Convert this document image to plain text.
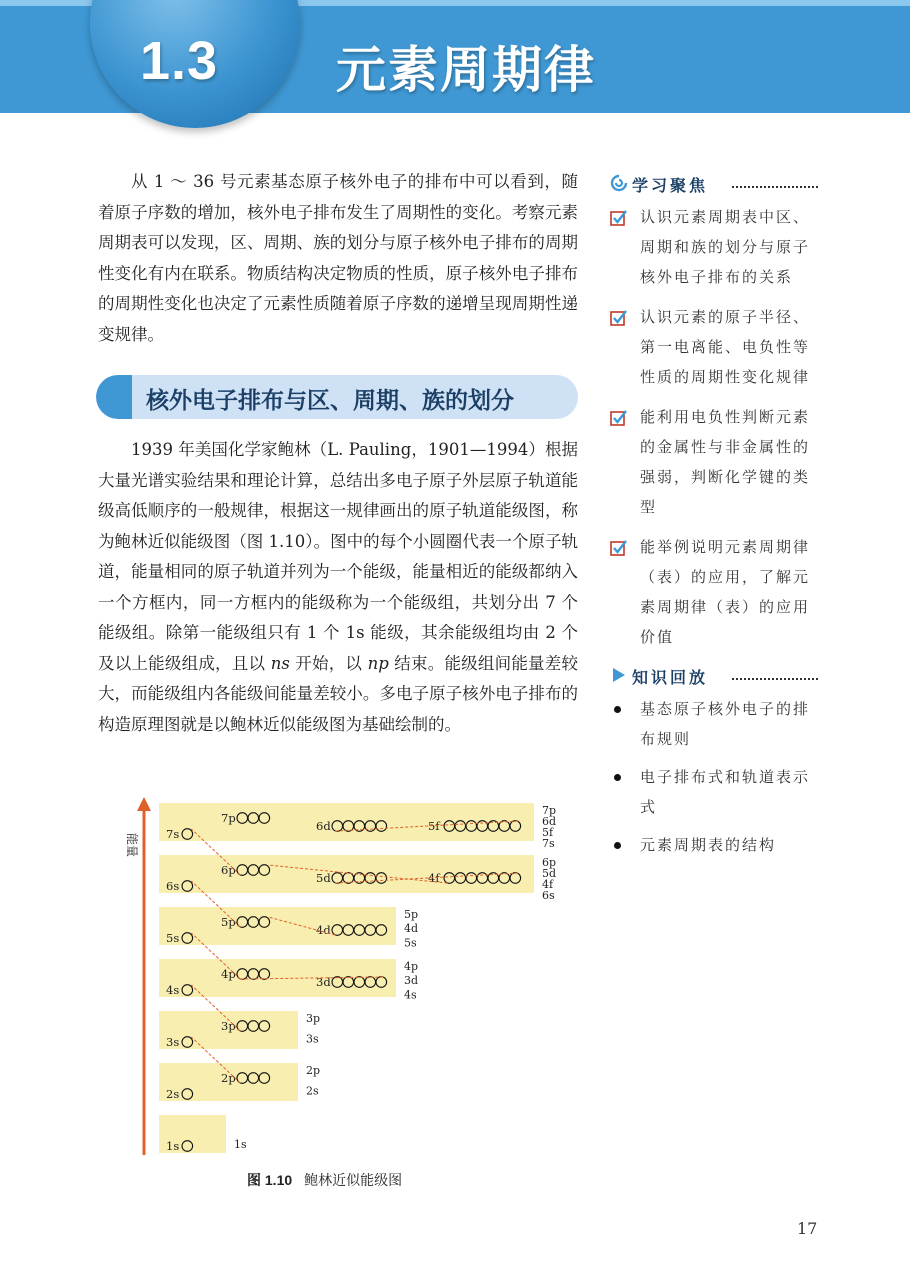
1.3 元素周期律

从 1 ～ 36 号元素基态原子核外电子的排布中可以看到，随着原子序数的增加，核外电子排布发生了周期性的变化。考察元素周期表可以发现，区、周期、族的划分与原子核外电子排布的周期性变化有内在联系。物质结构决定物质的性质，原子核外电子排布的周期性变化也决定了元素性质随着原子序数的递增呈现周期性递变规律。

核外电子排布与区、周期、族的划分

1939 年美国化学家鲍林（L. Pauling，1901—1994）根据大量光谱实验结果和理论计算，总结出多电子原子外层原子轨道能级高低顺序的一般规律，根据这一规律画出的原子轨道能级图，称为鲍林近似能级图（图 1.10）。图中的每个小圆圈代表一个原子轨道，能量相同的原子轨道并列为一个能级，能量相近的能级都纳入一个方框内，同一方框内的能级称为一个能级组，共划分出 7 个能级组。除第一能级组只有 1 个 1s 能级，其余能级组均由 2 个及以上能级组成，且以 ns 开始，以 np 结束。能级组间能量差较大，而能级组内各能级间能量差较小。多电子原子核外电子排布的构造原理图就是以鲍林近似能级图为基础绘制的。

学习聚焦
认识元素周期表中区、周期和族的划分与原子核外电子排布的关系
认识元素的原子半径、第一电离能、电负性等性质的周期性变化规律
能利用电负性判断元素的金属性与非金属性的强弱，判断化学键的类型
能举例说明元素周期律（表）的应用，了解元素周期律（表）的应用价值
知识回放
基态原子核外电子的排布规则
电子排布式和轨道表示式
元素周期表的结构
能量 7s
7p
6d	5f
7p
6d
5f
7s
6s
6p
5d	4f
6p
5d
4f
6s
5s
5p
4d
5p
4d
5s
4s
4p
3d
4p
3d
4s
3s
3p
3p
3s
2s
2p
2p
2s
1s	1s
图 1.10 鲍林近似能级图
17
